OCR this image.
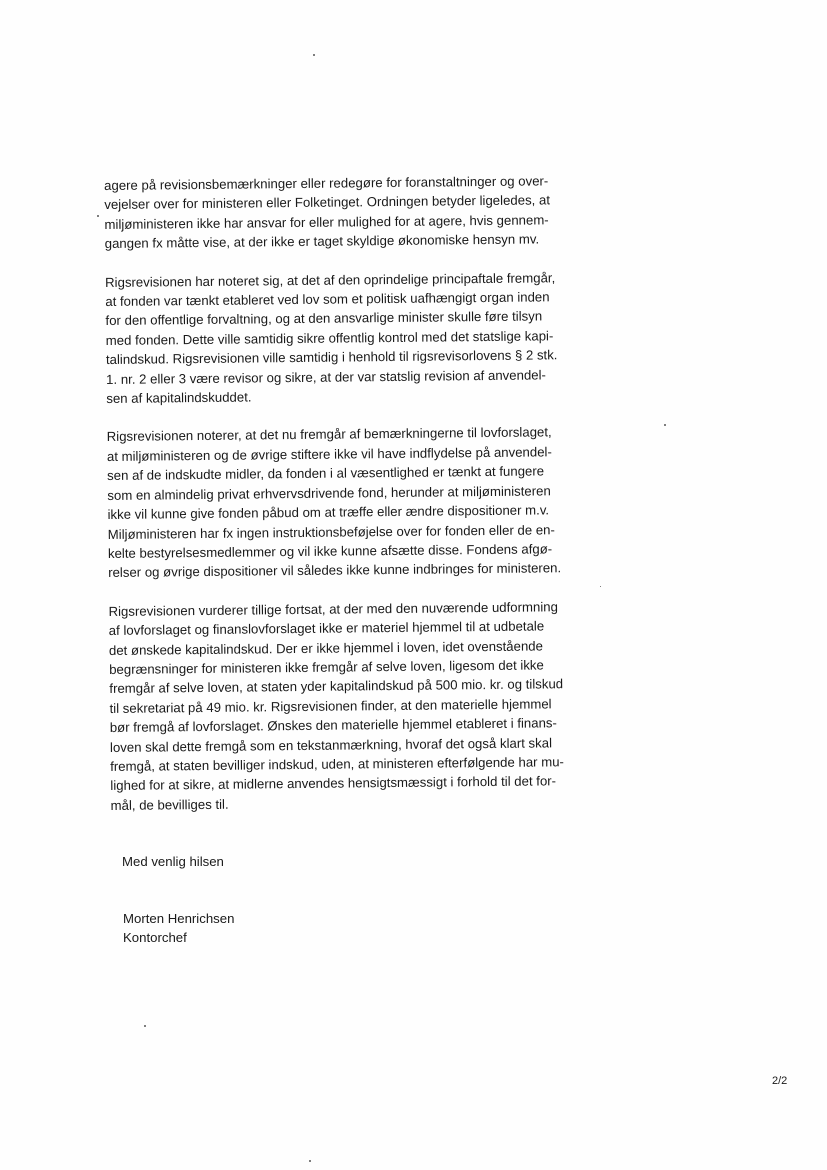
agere på revisionsbemærkninger eller redegøre for foranstaltninger og over-
vejelser over for ministeren eller Folketinget. Ordningen betyder ligeledes, at
miljøministeren ikke har ansvar for eller mulighed for at agere, hvis gennem-
gangen fx måtte vise, at der ikke er taget skyldige økonomiske hensyn mv.

Rigsrevisionen har noteret sig, at det af den oprindelige principaftale fremgår,
at fonden var tænkt etableret ved lov som et politisk uafhængigt organ inden
for den offentlige forvaltning, og at den ansvarlige minister skulle føre tilsyn
med fonden. Dette ville samtidig sikre offentlig kontrol med det statslige kapi-
talindskud. Rigsrevisionen ville samtidig i henhold til rigsrevisorlovens § 2 stk.
1. nr. 2 eller 3 være revisor og sikre, at der var statslig revision af anvendel-
sen af kapitalindskuddet.

Rigsrevisionen noterer, at det nu fremgår af bemærkningerne til lovforslaget,
at miljøministeren og de øvrige stiftere ikke vil have indflydelse på anvendel-
sen af de indskudte midler, da fonden i al væsentlighed er tænkt at fungere
som en almindelig privat erhvervsdrivende fond, herunder at miljøministeren
ikke vil kunne give fonden påbud om at træffe eller ændre dispositioner m.v.
Miljøministeren har fx ingen instruktionsbeføjelse over for fonden eller de en-
kelte bestyrelsesmedlemmer og vil ikke kunne afsætte disse. Fondens afgø-
relser og øvrige dispositioner vil således ikke kunne indbringes for ministeren.

Rigsrevisionen vurderer tillige fortsat, at der med den nuværende udformning
af lovforslaget og finanslovforslaget ikke er materiel hjemmel til at udbetale
det ønskede kapitalindskud. Der er ikke hjemmel i loven, idet ovenstående
begrænsninger for ministeren ikke fremgår af selve loven, ligesom det ikke
fremgår af selve loven, at staten yder kapitalindskud på 500 mio. kr. og tilskud
til sekretariat på 49 mio. kr. Rigsrevisionen finder, at den materielle hjemmel
bør fremgå af lovforslaget. Ønskes den materielle hjemmel etableret i finans-
loven skal dette fremgå som en tekstanmærkning, hvoraf det også klart skal
fremgå, at staten bevilliger indskud, uden, at ministeren efterfølgende har mu-
lighed for at sikre, at midlerne anvendes hensigtsmæssigt i forhold til det for-
mål, de bevilliges til.

Med venlig hilsen
Morten Henrichsen
Kontorchef
2/2
